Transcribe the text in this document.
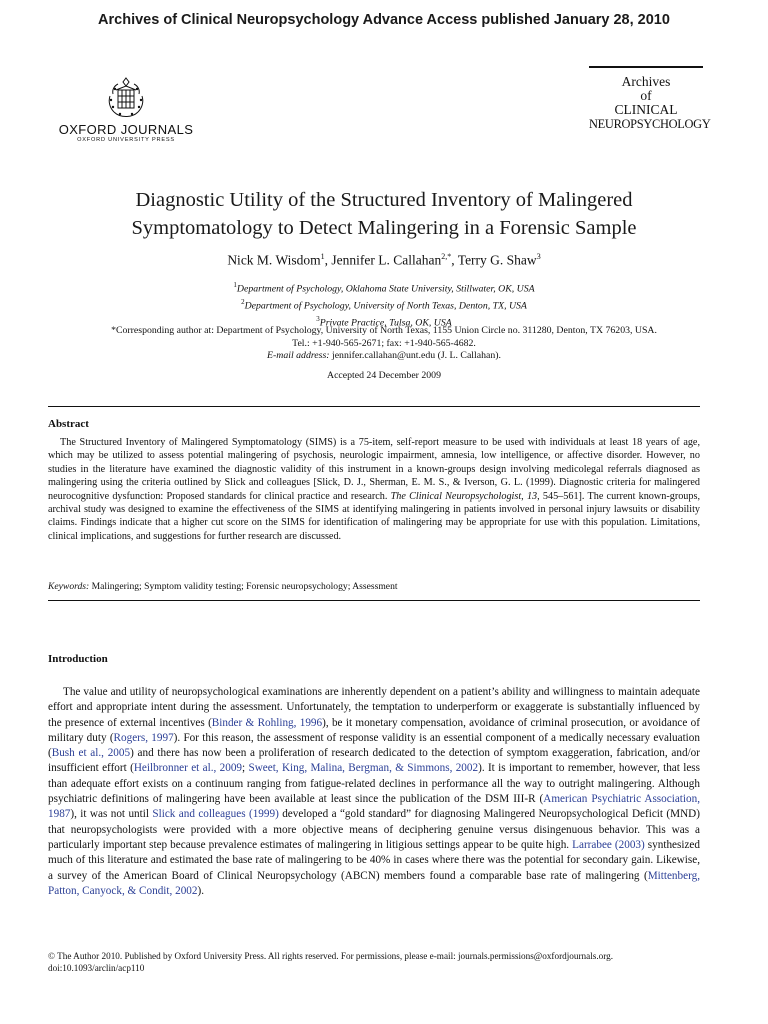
Archives of Clinical Neuropsychology Advance Access published January 28, 2010
OXFORD JOURNALS
OXFORD UNIVERSITY PRESS
Archives
of
CLINICAL
NEUROPSYCHOLOGY
Diagnostic Utility of the Structured Inventory of Malingered
Symptomatology to Detect Malingering in a Forensic Sample
Nick M. Wisdom$^1$, Jennifer L. Callahan$^{2,*}$, Terry G. Shaw$^3$
$^1$Department of Psychology, Oklahoma State University, Stillwater, OK, USA
$^2$Department of Psychology, University of North Texas, Denton, TX, USA
$^3$Private Practice, Tulsa, OK, USA
*Corresponding author at: Department of Psychology, University of North Texas, 1155 Union Circle no. 311280, Denton, TX 76203, USA.
Tel.: +1-940-565-2671; fax: +1-940-565-4682.
E-mail address: jennifer.callahan@unt.edu (J. L. Callahan).
Accepted 24 December 2009
Abstract
The Structured Inventory of Malingered Symptomatology (SIMS) is a 75-item, self-report measure to be used with individuals at least 18 years of age, which may be utilized to assess potential malingering of psychosis, neurologic impairment, amnesia, low intelligence, or affective disorder. However, no studies in the literature have examined the diagnostic validity of this instrument in a known-groups design involving medicolegal referrals diagnosed as malingering using the criteria outlined by Slick and colleagues [Slick, D. J., Sherman, E. M. S., & Iverson, G. L. (1999). Diagnostic criteria for malingered neurocognitive dysfunction: Proposed standards for clinical practice and research. The Clinical Neuropsychologist, 13, 545–561]. The current known-groups, archival study was designed to examine the effectiveness of the SIMS at identifying malingering in patients involved in personal injury lawsuits or disability claims. Findings indicate that a higher cut score on the SIMS for identification of malingering may be appropriate for use with this population. Limitations, clinical implications, and suggestions for further research are discussed.
Keywords: Malingering; Symptom validity testing; Forensic neuropsychology; Assessment
Introduction
The value and utility of neuropsychological examinations are inherently dependent on a patient’s ability and willingness to maintain adequate effort and appropriate intent during the assessment. Unfortunately, the temptation to underperform or exaggerate is substantially influenced by the presence of external incentives (Binder & Rohling, 1996), be it monetary compensation, avoidance of criminal prosecution, or avoidance of military duty (Rogers, 1997). For this reason, the assessment of response validity is an essential component of a medically necessary evaluation (Bush et al., 2005) and there has now been a proliferation of research dedicated to the detection of symptom exaggeration, fabrication, and/or insufficient effort (Heilbronner et al., 2009; Sweet, King, Malina, Bergman, & Simmons, 2002). It is important to remember, however, that less than adequate effort exists on a continuum ranging from fatigue-related declines in performance all the way to outright malingering. Although psychiatric definitions of malingering have been available at least since the publication of the DSM III-R (American Psychiatric Association, 1987), it was not until Slick and colleagues (1999) developed a “gold standard” for diagnosing Malingered Neuropsychological Deficit (MND) that neuropsychologists were provided with a more objective means of deciphering genuine versus disingenuous behavior. This was a particularly important step because prevalence estimates of malingering in litigious settings appear to be quite high. Larrabee (2003) synthesized much of this literature and estimated the base rate of malingering to be 40% in cases where there was the potential for secondary gain. Likewise, a survey of the American Board of Clinical Neuropsychology (ABCN) members found a comparable base rate of malingering (Mittenberg, Patton, Canyock, & Condit, 2002).
© The Author 2010. Published by Oxford University Press. All rights reserved. For permissions, please e-mail: journals.permissions@oxfordjournals.org.
doi:10.1093/arclin/acp110
